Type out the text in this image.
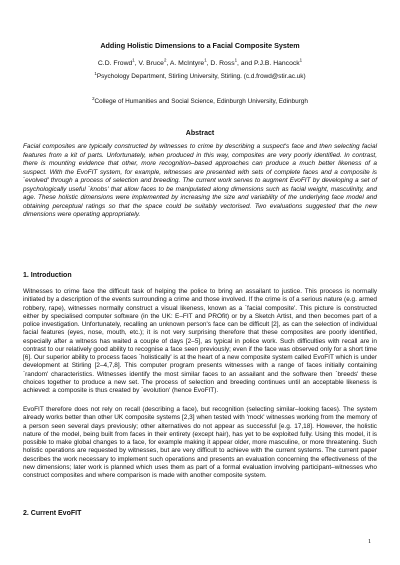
Adding Holistic Dimensions to a Facial Composite System
C.D. Frowd$^1$, V. Bruce$^2$, A. McIntyre$^1$, D. Ross$^1$, and P.J.B. Hancock$^1$
$^1$Psychology Department, Stirling University, Stirling. (c.d.frowd@stir.ac.uk)
$^2$College of Humanities and Social Science, Edinburgh University, Edinburgh
Abstract

Facial composites are typically constructed by witnesses to crime by describing a suspect's face and then selecting facial features from a kit of parts. Unfortunately, when produced in this way, composites are very poorly identified. In contrast, there is mounting evidence that other, more recognition–based approaches can produce a much better likeness of a suspect. With the EvoFIT system, for example, witnesses are presented with sets of complete faces and a composite is `evolved' through a process of selection and breeding. The current work serves to augment EvoFIT by developing a set of psychologically useful `knobs' that allow faces to be manipulated along dimensions such as facial weight, masculinity, and age. These holistic dimensions were implemented by increasing the size and variability of the underlying face model and obtaining perceptual ratings so that the space could be suitably vectorised. Two evaluations suggested that the new dimensions were operating appropriately.

1. Introduction

Witnesses to crime face the difficult task of helping the police to bring an assailant to justice. This process is normally initiated by a description of the events surrounding a crime and those involved. If the crime is of a serious nature (e.g. armed robbery, rape), witnesses normally construct a visual likeness, known as a `facial composite'. This picture is constructed either by specialised computer software (in the UK: E–FIT and PROfit) or by a Sketch Artist, and then becomes part of a police investigation. Unfortunately, recalling an unknown person's face can be difficult [2], as can the selection of individual facial features (eyes, nose, mouth, etc.); it is not very surprising therefore that these composites are poorly identified, especially after a witness has waited a couple of days [2–5], as typical in police work. Such difficulties with recall are in contrast to our relatively good ability to recognise a face seen previously; even if the face was observed only for a short time [6]. Our superior ability to process faces `holistically' is at the heart of a new composite system called EvoFIT which is under development at Stirling [2–4,7,8]. This computer program presents witnesses with a range of faces initially containing `random' characteristics. Witnesses identify the most similar faces to an assailant and the software then `breeds' these choices together to produce a new set. The process of selection and breeding continues until an acceptable likeness is achieved: a composite is thus created by `evolution' (hence EvoFIT).

EvoFIT therefore does not rely on recall (describing a face), but recognition (selecting similar–looking faces). The system already works better than other UK composite systems [2,3] when tested with 'mock' witnesses working from the memory of a person seen several days previously; other alternatives do not appear as successful [e.g. 17,18]. However, the holistic nature of the model, being built from faces in their entirety (except hair), has yet to be exploited fully. Using this model, it is possible to make global changes to a face, for example making it appear older, more masculine, or more threatening. Such holistic operations are requested by witnesses, but are very difficult to achieve with the current systems. The current paper describes the work necessary to implement such operations and presents an evaluation concerning the effectiveness of the new dimensions; later work is planned which uses them as part of a formal evaluation involving participant–witnesses who construct composites and where comparison is made with another composite system.

2. Current EvoFIT
1
